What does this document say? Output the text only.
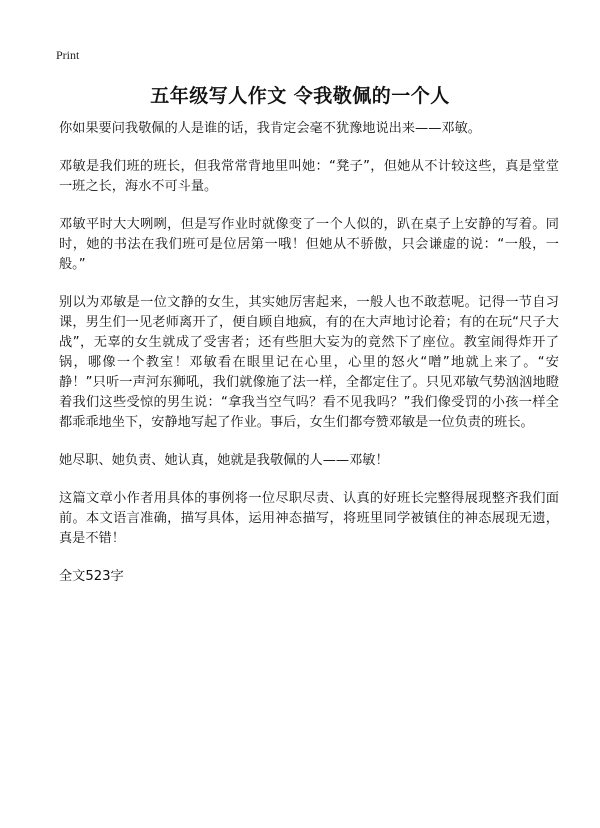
Print
五年级写人作文 令我敬佩的一个人

你如果要问我敬佩的人是谁的话，我肯定会毫不犹豫地说出来——邓敏。

邓敏是我们班的班长，但我常常背地里叫她：“凳子”，但她从不计较这些，真是堂堂一班之长，海水不可斗量。

邓敏平时大大咧咧，但是写作业时就像变了一个人似的，趴在桌子上安静的写着。同时，她的书法在我们班可是位居第一哦！但她从不骄傲，只会谦虚的说：“一般，一般。”

别以为邓敏是一位文静的女生，其实她厉害起来，一般人也不敢惹呢。记得一节自习课，男生们一见老师离开了，便自顾自地疯，有的在大声地讨论着；有的在玩“尺子大战”，无辜的女生就成了受害者；还有些胆大妄为的竟然下了座位。教室闹得炸开了锅，哪像一个教室！邓敏看在眼里记在心里，心里的怒火“噌”地就上来了。“安静！”只听一声河东狮吼，我们就像施了法一样，全都定住了。只见邓敏气势汹汹地瞪着我们这些受惊的男生说：“拿我当空气吗？看不见我吗？”我们像受罚的小孩一样全都乖乖地坐下，安静地写起了作业。事后，女生们都夸赞邓敏是一位负责的班长。

她尽职、她负责、她认真，她就是我敬佩的人——邓敏！

这篇文章小作者用具体的事例将一位尽职尽责、认真的好班长完整得展现整齐我们面前。本文语言准确，描写具体，运用神态描写，将班里同学被镇住的神态展现无遗，真是不错！

全文523字
